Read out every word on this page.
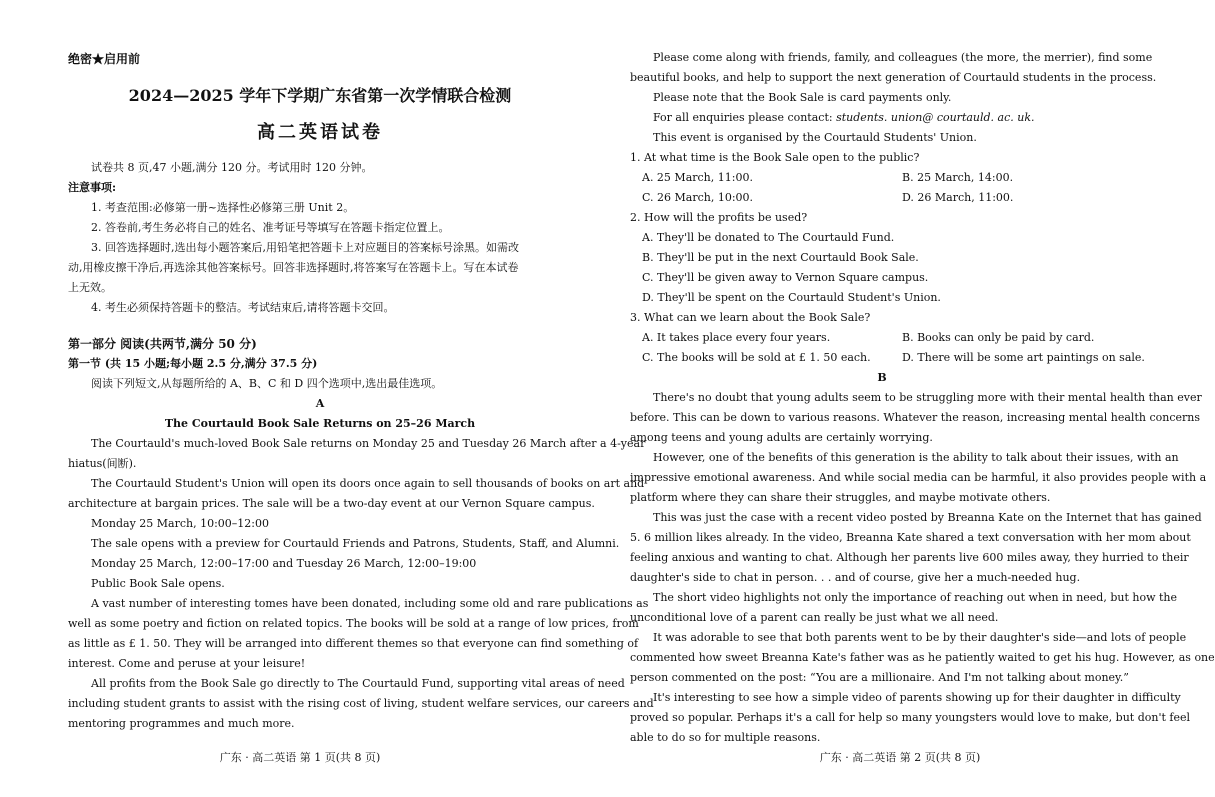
绝密★启用前
2024—2025 学年下学期广东省第一次学情联合检测
高二英语试卷
试卷共 8 页,47 小题,满分 120 分。考试用时 120 分钟。
注意事项:
1. 考查范围:必修第一册~选择性必修第三册 Unit 2。
2. 答卷前,考生务必将自己的姓名、准考证号等填写在答题卡指定位置上。
3. 回答选择题时,选出每小题答案后,用铅笔把答题卡上对应题目的答案标号涂黑。如需改
动,用橡皮擦干净后,再选涂其他答案标号。回答非选择题时,将答案写在答题卡上。写在本试卷
上无效。
4. 考生必须保持答题卡的整洁。考试结束后,请将答题卡交回。
第一部分 阅读(共两节,满分 50 分)
第一节 (共 15 小题;每小题 2.5 分,满分 37.5 分)
阅读下列短文,从每题所给的 A、B、C 和 D 四个选项中,选出最佳选项。
A
The Courtauld Book Sale Returns on 25–26 March
The Courtauld's much-loved Book Sale returns on Monday 25 and Tuesday 26 March after a 4-year
hiatus(间断).
The Courtauld Student's Union will open its doors once again to sell thousands of books on art and
architecture at bargain prices. The sale will be a two-day event at our Vernon Square campus.
Monday 25 March, 10:00–12:00
The sale opens with a preview for Courtauld Friends and Patrons, Students, Staff, and Alumni.
Monday 25 March, 12:00–17:00 and Tuesday 26 March, 12:00–19:00
Public Book Sale opens.
A vast number of interesting tomes have been donated, including some old and rare publications as
well as some poetry and fiction on related topics. The books will be sold at a range of low prices, from
as little as £ 1. 50. They will be arranged into different themes so that everyone can find something of
interest. Come and peruse at your leisure!
All profits from the Book Sale go directly to The Courtauld Fund, supporting vital areas of need
including student grants to assist with the rising cost of living, student welfare services, our careers and
mentoring programmes and much more.
广东 · 高二英语 第 1 页(共 8 页)
Please come along with friends, family, and colleagues (the more, the merrier), find some
beautiful books, and help to support the next generation of Courtauld students in the process.
Please note that the Book Sale is card payments only.
For all enquiries please contact: students. union@ courtauld. ac. uk.
This event is organised by the Courtauld Students' Union.
1. At what time is the Book Sale open to the public?
A. 25 March, 11:00.	B. 25 March, 14:00.
C. 26 March, 10:00.	D. 26 March, 11:00.
2. How will the profits be used?
A. They'll be donated to The Courtauld Fund.
B. They'll be put in the next Courtauld Book Sale.
C. They'll be given away to Vernon Square campus.
D. They'll be spent on the Courtauld Student's Union.
3. What can we learn about the Book Sale?
A. It takes place every four years.	B. Books can only be paid by card.
C. The books will be sold at £ 1. 50 each.	D. There will be some art paintings on sale.
B
There's no doubt that young adults seem to be struggling more with their mental health than ever
before. This can be down to various reasons. Whatever the reason, increasing mental health concerns
among teens and young adults are certainly worrying.
However, one of the benefits of this generation is the ability to talk about their issues, with an
impressive emotional awareness. And while social media can be harmful, it also provides people with a
platform where they can share their struggles, and maybe motivate others.
This was just the case with a recent video posted by Breanna Kate on the Internet that has gained
5. 6 million likes already. In the video, Breanna Kate shared a text conversation with her mom about
feeling anxious and wanting to chat. Although her parents live 600 miles away, they hurried to their
daughter's side to chat in person. . . and of course, give her a much-needed hug.
The short video highlights not only the importance of reaching out when in need, but how the
unconditional love of a parent can really be just what we all need.
It was adorable to see that both parents went to be by their daughter's side—and lots of people
commented how sweet Breanna Kate's father was as he patiently waited to get his hug. However, as one
person commented on the post: “You are a millionaire. And I'm not talking about money.”
It's interesting to see how a simple video of parents showing up for their daughter in difficulty
proved so popular. Perhaps it's a call for help so many youngsters would love to make, but don't feel
able to do so for multiple reasons.
广东 · 高二英语 第 2 页(共 8 页)
